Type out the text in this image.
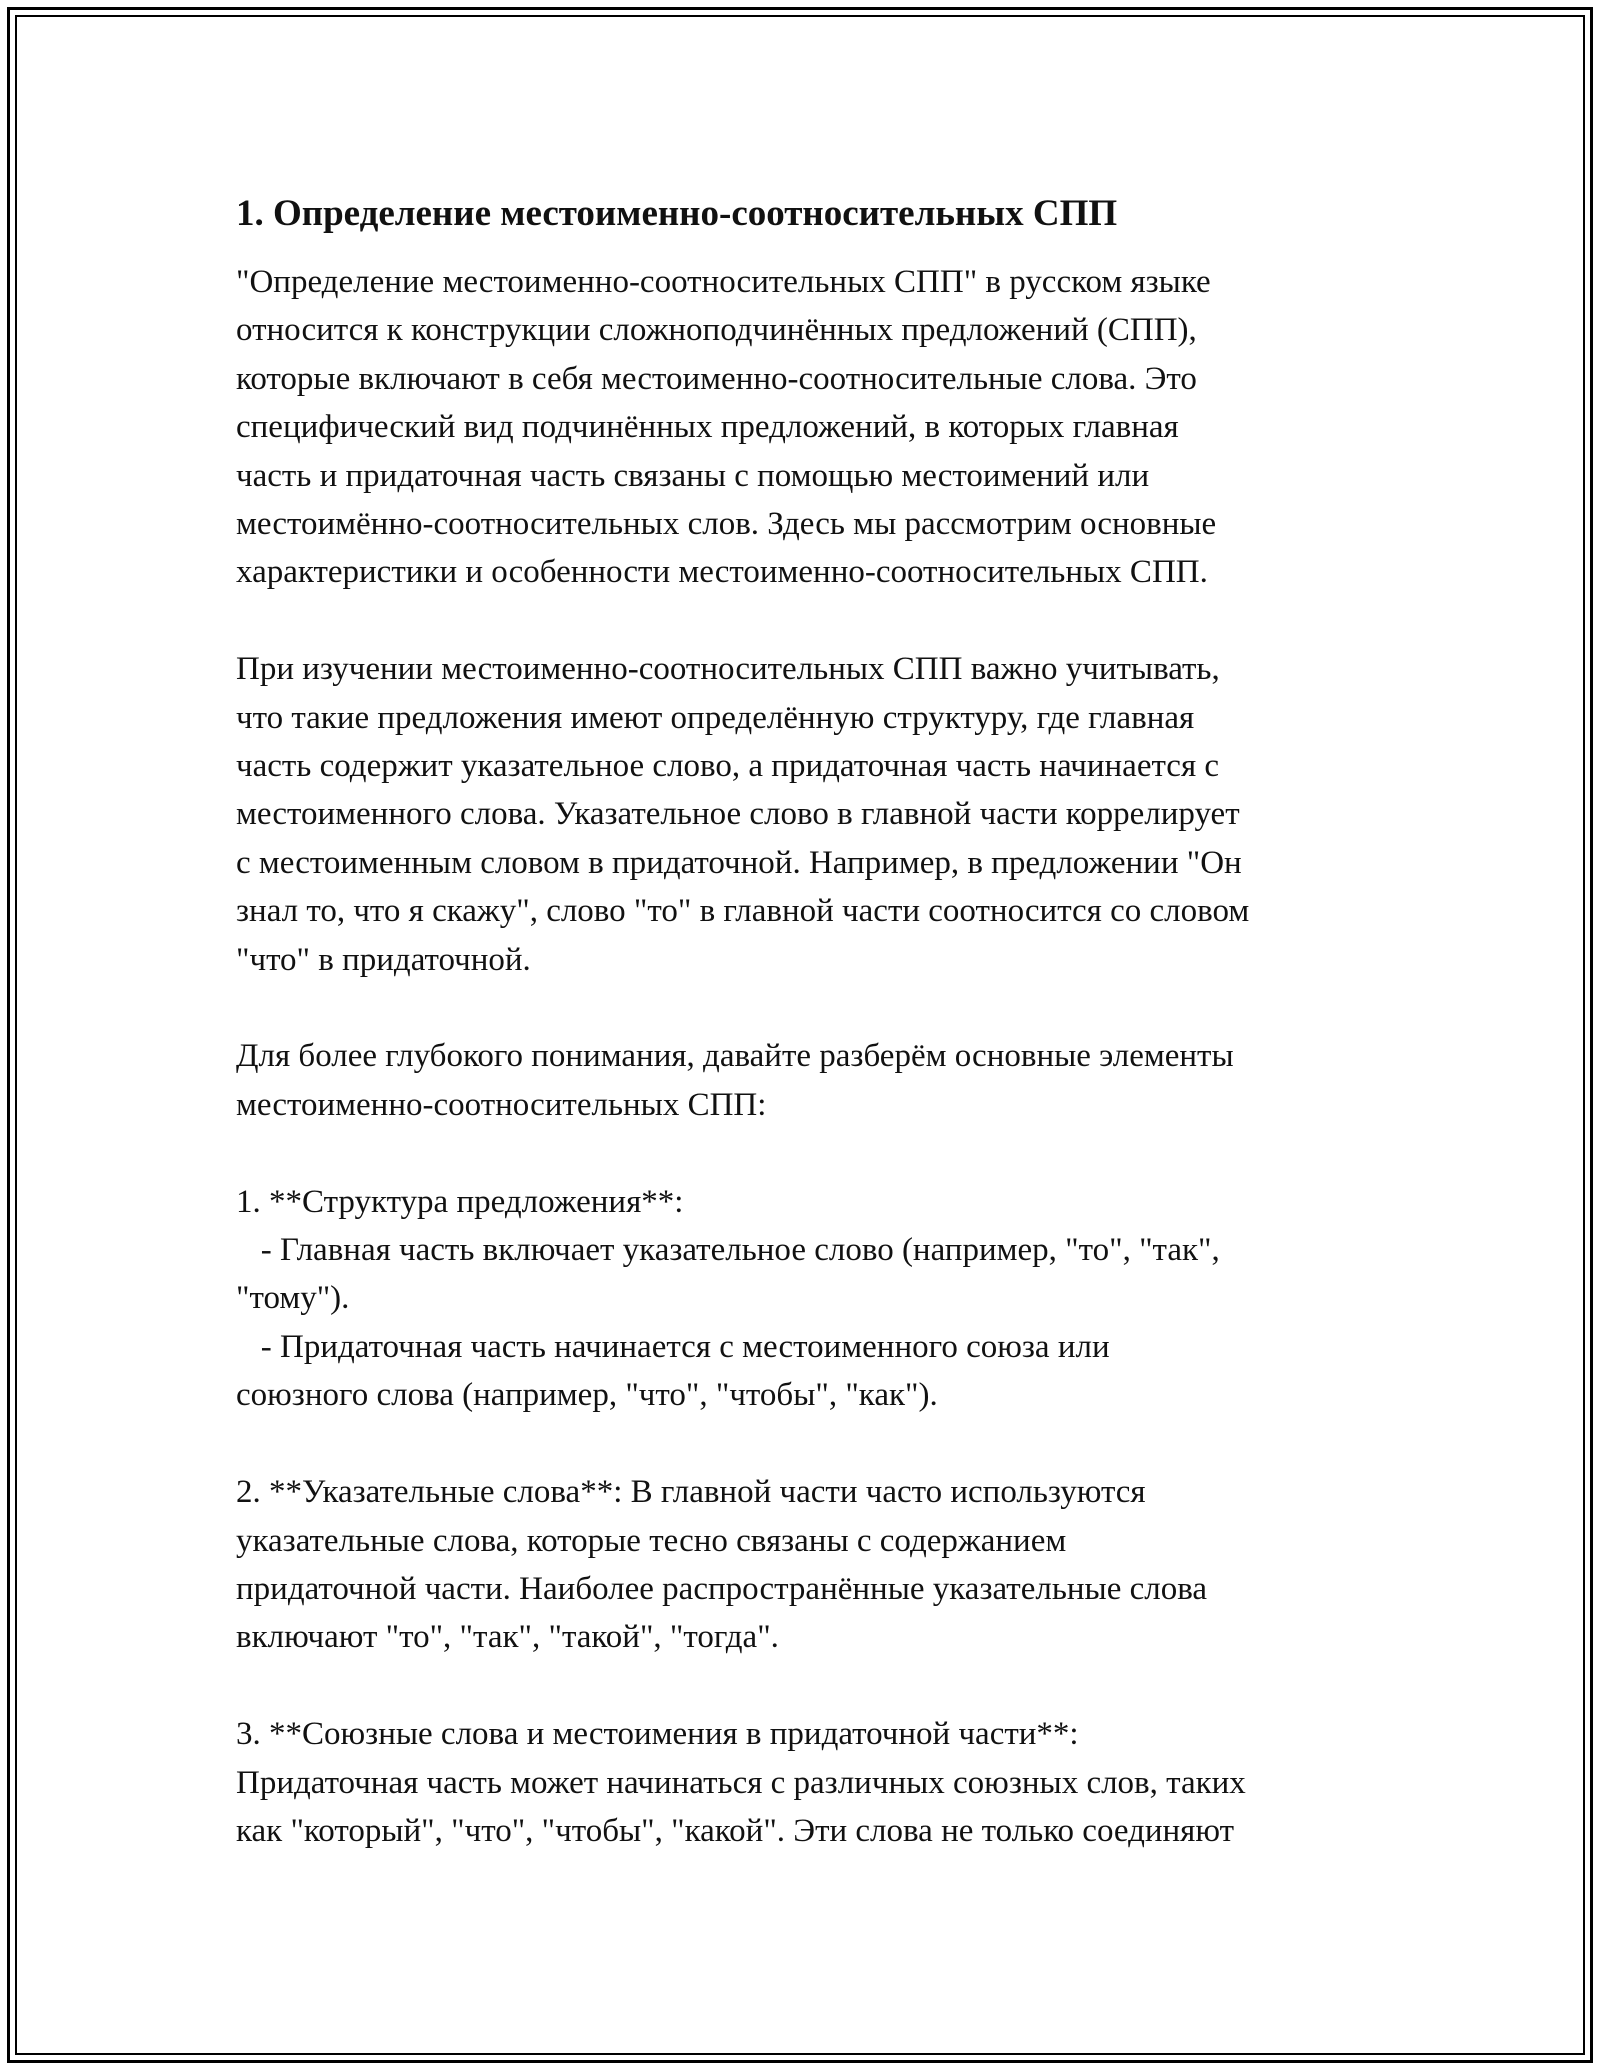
1. Определение местоименно-соотносительных СПП

"Определение местоименно-соотносительных СПП" в русском языке
относится к конструкции сложноподчинённых предложений (СПП),
которые включают в себя местоименно-соотносительные слова. Это
специфический вид подчинённых предложений, в которых главная
часть и придаточная часть связаны с помощью местоимений или
местоимённо-соотносительных слов. Здесь мы рассмотрим основные
характеристики и особенности местоименно-соотносительных СПП.

При изучении местоименно-соотносительных СПП важно учитывать,
что такие предложения имеют определённую структуру, где главная
часть содержит указательное слово, а придаточная часть начинается с
местоименного слова. Указательное слово в главной части коррелирует
с местоименным словом в придаточной. Например, в предложении "Он
знал то, что я скажу", слово "то" в главной части соотносится со словом
"что" в придаточной.

Для более глубокого понимания, давайте разберём основные элементы
местоименно-соотносительных СПП:

1. **Структура предложения**:
- Главная часть включает указательное слово (например, "то", "так",
"тому").
- Придаточная часть начинается с местоименного союза или
союзного слова (например, "что", "чтобы", "как").

2. **Указательные слова**: В главной части часто используются
указательные слова, которые тесно связаны с содержанием
придаточной части. Наиболее распространённые указательные слова
включают "то", "так", "такой", "тогда".

3. **Союзные слова и местоимения в придаточной части**:
Придаточная часть может начинаться с различных союзных слов, таких
как "который", "что", "чтобы", "какой". Эти слова не только соединяют
